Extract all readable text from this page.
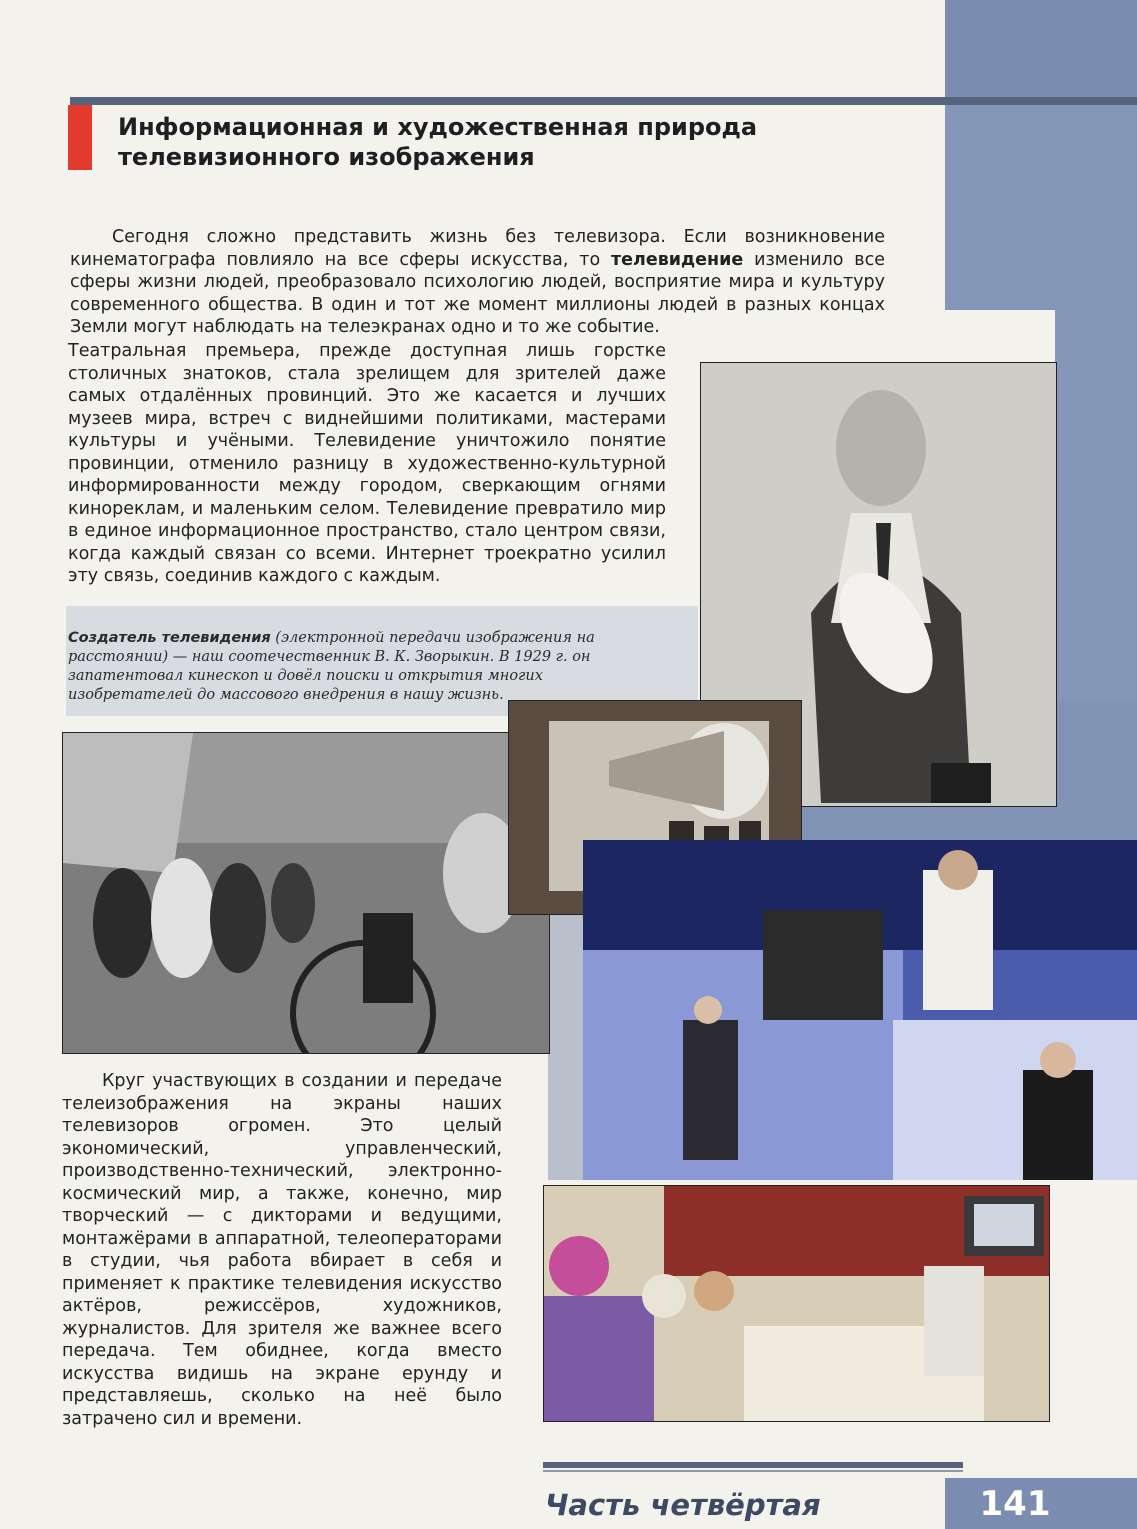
Информационная и художественная природа
телевизионного изображения

Сегодня сложно представить жизнь без телевизора. Если возникновение кинематографа повлияло на все сферы искусства, то телевидение изменило все сферы жизни людей, преобразовало психологию людей, восприятие мира и культуру современного общества. В один и тот же момент миллионы людей в разных концах Земли могут наблюдать на телеэкранах одно и то же событие.

Театральная премьера, прежде доступная лишь горстке столичных знатоков, стала зрелищем для зрителей даже самых отдалённых провинций. Это же касается и лучших музеев мира, встреч с виднейшими политиками, мастерами культуры и учёными. Телевидение уничтожило понятие провинции, отменило разницу в художественно-культурной информированности между городом, сверкающим огнями кинореклам, и маленьким селом. Телевидение превратило мир в единое информационное пространство, стало центром связи, когда каждый связан со всеми. Интернет троекратно усилил эту связь, соединив каждого с каждым.

Создатель телевидения (электронной передачи изображения на расстоянии) — наш соотечественник В. К. Зворыкин. В 1929 г. он запатентовал кинескоп и довёл поиски и открытия многих изобретателей до массового внедрения в нашу жизнь.

Круг участвующих в создании и передаче телеизображения на экраны наших телевизоров огромен. Это целый экономический, управленческий, производственно-технический, электронно-космический мир, а также, конечно, мир творческий — с дикторами и ведущими, монтажёрами в аппаратной, телеоператорами в студии, чья работа вбирает в себя и применяет к практике телевидения искусство актёров, режиссёров, художников, журналистов. Для зрителя же важнее всего передача. Тем обиднее, когда вместо искусства видишь на экране ерунду и представляешь, сколько на неё было затрачено сил и времени.

Часть четвёртая	141
